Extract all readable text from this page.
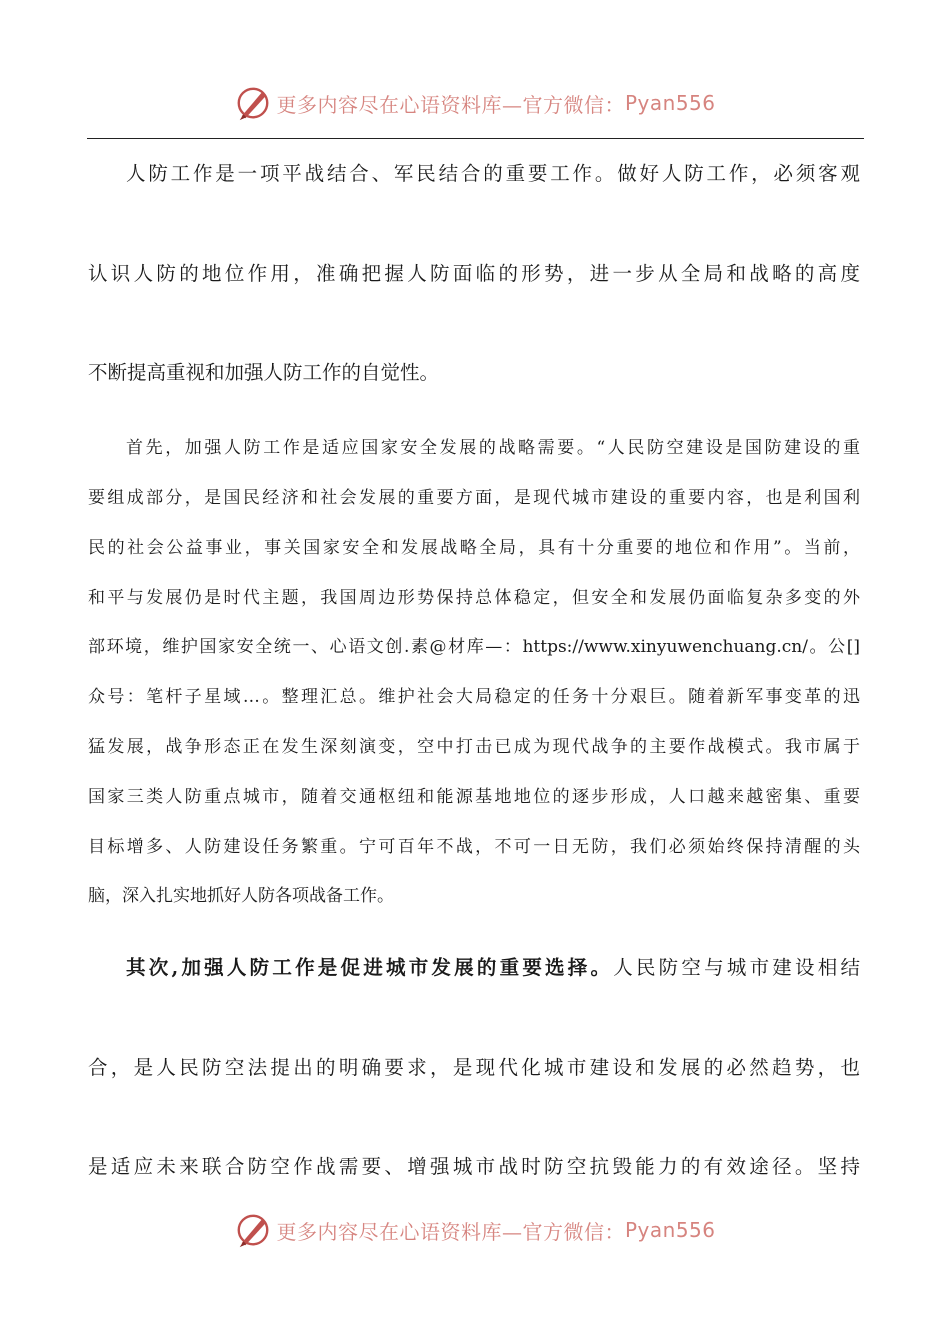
更多内容尽在心语资料库—官方微信： Pyan556
人防工作是一项平战结合、军民结合的重要工作。做好人防工作，必须客观
认识人防的地位作用，准确把握人防面临的形势，进一步从全局和战略的高度
不断提高重视和加强人防工作的自觉性。
首先，加强人防工作是适应国家安全发展的战略需要。“人民防空建设是国防建设的重
要组成部分，是国民经济和社会发展的重要方面，是现代城市建设的重要内容，也是利国利
民的社会公益事业，事关国家安全和发展战略全局，具有十分重要的地位和作用”。当前，
和平与发展仍是时代主题，我国周边形势保持总体稳定，但安全和发展仍面临复杂多变的外
部环境，维护国家安全统一、心语文创.素@材库—：https://www.xinyuwenchuang.cn/。公[]
众号：笔杆子星域…。整理汇总。维护社会大局稳定的任务十分艰巨。随着新军事变革的迅
猛发展，战争形态正在发生深刻演变，空中打击已成为现代战争的主要作战模式。我市属于
国家三类人防重点城市，随着交通枢纽和能源基地地位的逐步形成，人口越来越密集、重要
目标增多、人防建设任务繁重。宁可百年不战，不可一日无防，我们必须始终保持清醒的头
脑，深入扎实地抓好人防各项战备工作。
其次,加强人防工作是促进城市发展的重要选择。人民防空与城市建设相结
合，是人民防空法提出的明确要求，是现代化城市建设和发展的必然趋势，也
是适应未来联合防空作战需要、增强城市战时防空抗毁能力的有效途径。坚持
更多内容尽在心语资料库—官方微信： Pyan556
